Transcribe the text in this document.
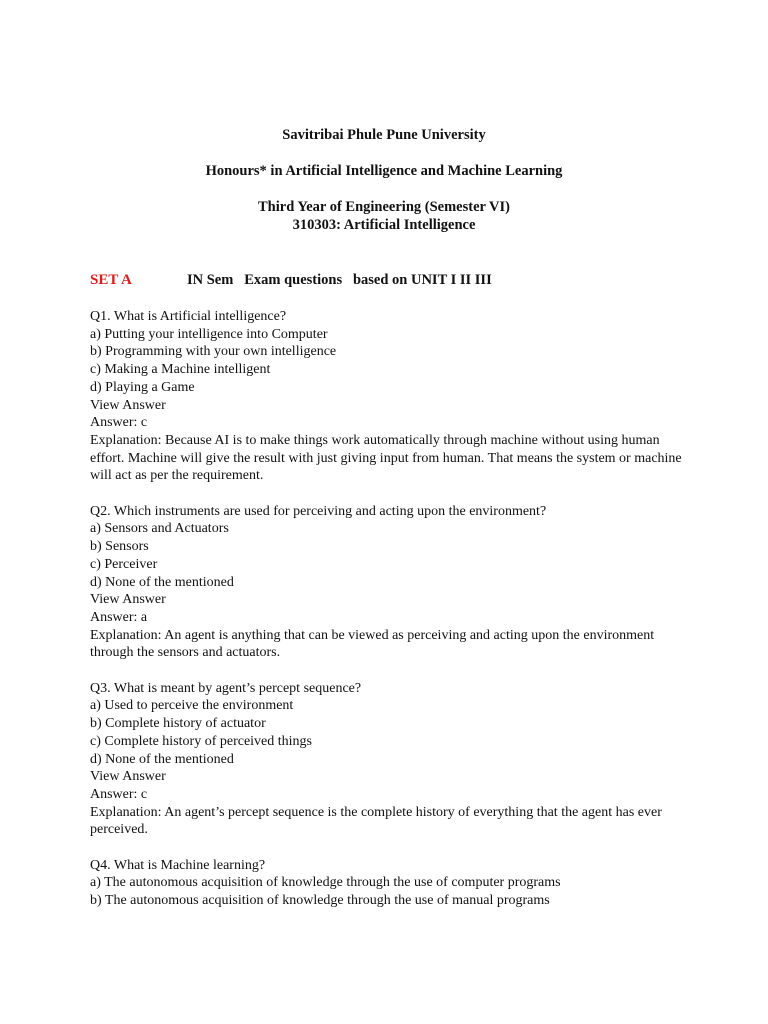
Savitribai Phule Pune University
Honours* in Artificial Intelligence and Machine Learning
Third Year of Engineering (Semester VI)
310303: Artificial Intelligence
SET A	IN Sem   Exam questions   based on UNIT I II III
Q1. What is Artificial intelligence?
a) Putting your intelligence into Computer
b) Programming with your own intelligence
c) Making a Machine intelligent
d) Playing a Game
View Answer
Answer: c
Explanation: Because AI is to make things work automatically through machine without using human effort. Machine will give the result with just giving input from human. That means the system or machine will act as per the requirement.
Q2. Which instruments are used for perceiving and acting upon the environment?
a) Sensors and Actuators
b) Sensors
c) Perceiver
d) None of the mentioned
View Answer
Answer: a
Explanation: An agent is anything that can be viewed as perceiving and acting upon the environment through the sensors and actuators.
Q3. What is meant by agent’s percept sequence?
a) Used to perceive the environment
b) Complete history of actuator
c) Complete history of perceived things
d) None of the mentioned
View Answer
Answer: c
Explanation: An agent’s percept sequence is the complete history of everything that the agent has ever perceived.
Q4. What is Machine learning?
a) The autonomous acquisition of knowledge through the use of computer programs
b) The autonomous acquisition of knowledge through the use of manual programs
